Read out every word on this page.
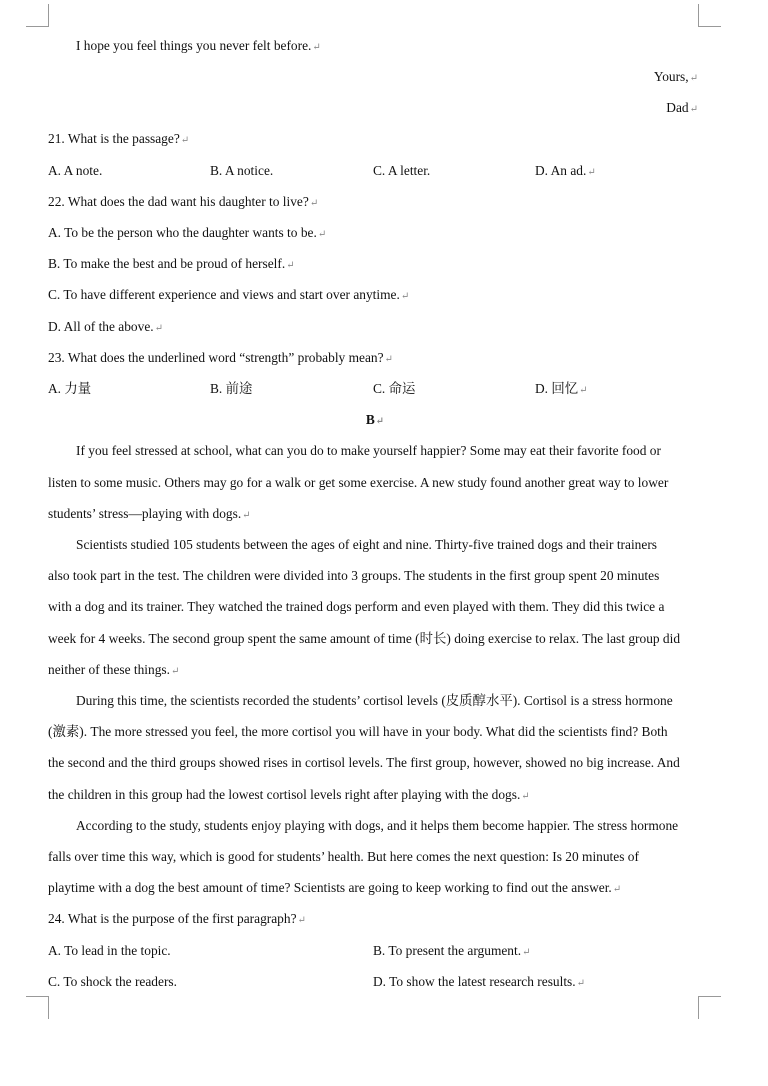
I hope you feel things you never felt before.↵
Yours,↵
Dad↵
21. What is the passage?↵
A. A note.	B. A notice.	C. A letter.	D. An ad.↵
22. What does the dad want his daughter to live?↵
A. To be the person who the daughter wants to be.↵
B. To make the best and be proud of herself.↵
C. To have different experience and views and start over anytime.↵
D. All of the above.↵
23. What does the underlined word “strength” probably mean?↵
A. 力量	B. 前途	C. 命运	D. 回忆↵
B↵
If you feel stressed at school, what can you do to make yourself happier? Some may eat their favorite food or
listen to some music. Others may go for a walk or get some exercise. A new study found another great way to lower
students’ stress—playing with dogs.↵
Scientists studied 105 students between the ages of eight and nine. Thirty-five trained dogs and their trainers
also took part in the test. The children were divided into 3 groups. The students in the first group spent 20 minutes
with a dog and its trainer. They watched the trained dogs perform and even played with them. They did this twice a
week for 4 weeks. The second group spent the same amount of time (时长) doing exercise to relax. The last group did
neither of these things.↵
During this time, the scientists recorded the students’ cortisol levels (皮质醇水平). Cortisol is a stress hormone
(激素). The more stressed you feel, the more cortisol you will have in your body. What did the scientists find? Both
the second and the third groups showed rises in cortisol levels. The first group, however, showed no big increase. And
the children in this group had the lowest cortisol levels right after playing with the dogs.↵
According to the study, students enjoy playing with dogs, and it helps them become happier. The stress hormone
falls over time this way, which is good for students’ health. But here comes the next question: Is 20 minutes of
playtime with a dog the best amount of time? Scientists are going to keep working to find out the answer.↵
24. What is the purpose of the first paragraph?↵
A. To lead in the topic.	B. To present the argument.↵
C. To shock the readers.	D. To show the latest research results.↵
